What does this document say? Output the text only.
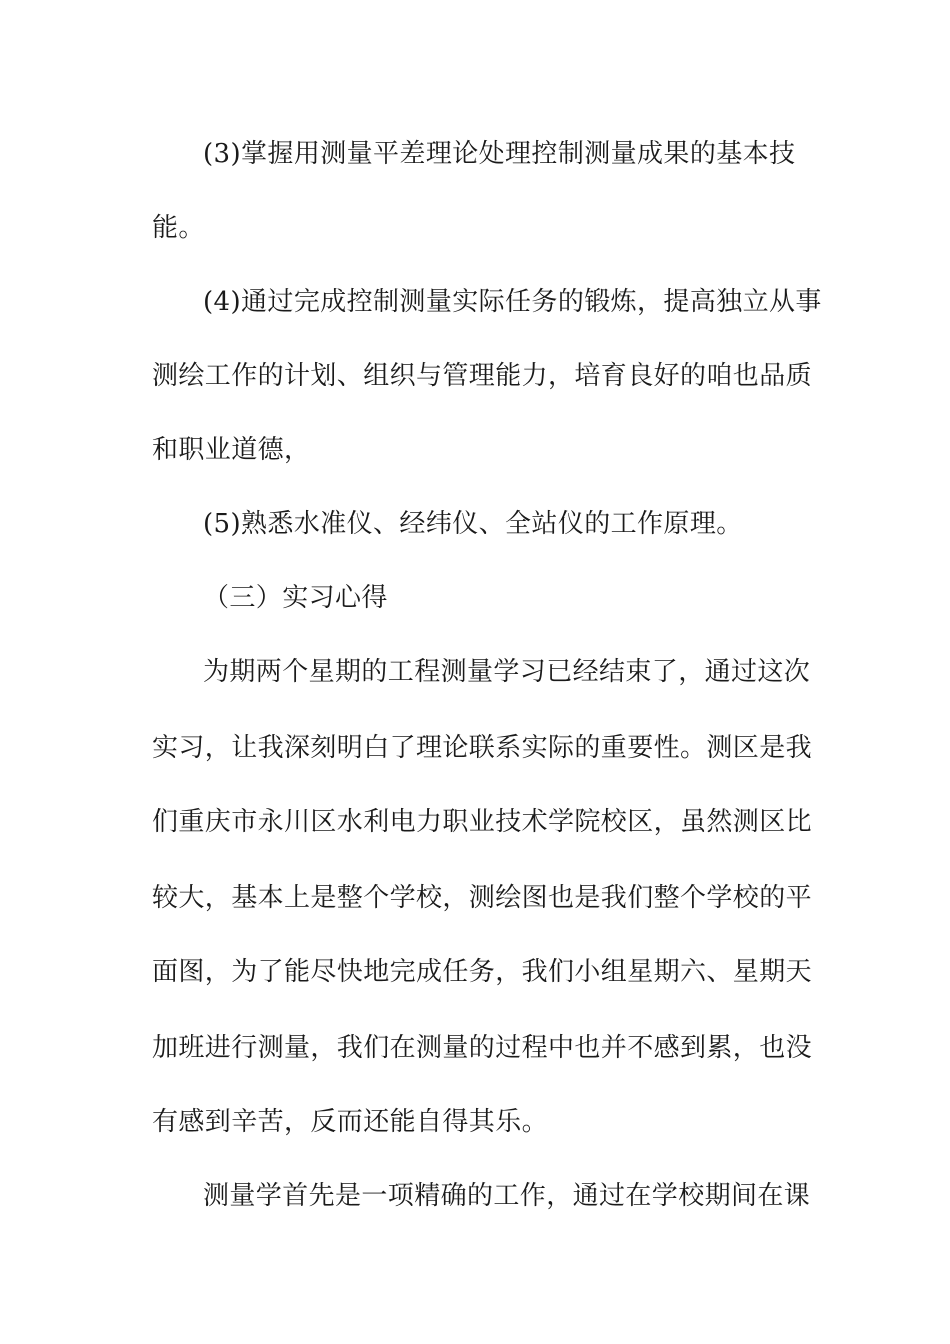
(3)掌握用测量平差理论处理控制测量成果的基本技
能。
(4)通过完成控制测量实际任务的锻炼，提高独立从事
测绘工作的计划、组织与管理能力，培育良好的咱也品质
和职业道德，
(5)熟悉水准仪、经纬仪、全站仪的工作原理。
（三）实习心得
为期两个星期的工程测量学习已经结束了，通过这次
实习，让我深刻明白了理论联系实际的重要性。测区是我
们重庆市永川区水利电力职业技术学院校区，虽然测区比
较大，基本上是整个学校，测绘图也是我们整个学校的平
面图，为了能尽快地完成任务，我们小组星期六、星期天
加班进行测量，我们在测量的过程中也并不感到累，也没
有感到辛苦，反而还能自得其乐。
测量学首先是一项精确的工作，通过在学校期间在课
